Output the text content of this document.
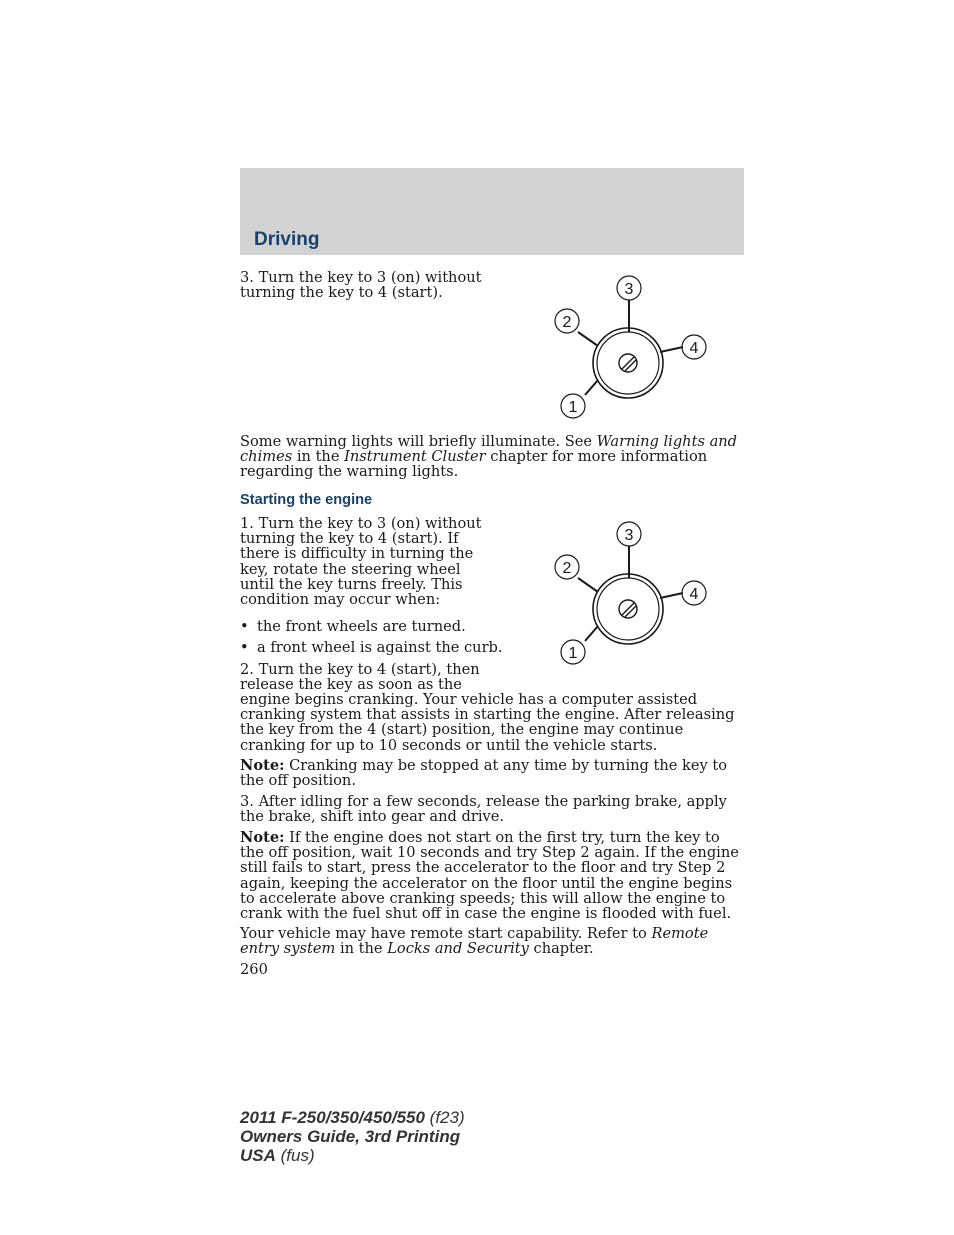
Driving

3. Turn the key to 3 (on) without turning the key to 4 (start).	3
2
4
1

Some warning lights will briefly illuminate. See Warning lights and chimes in the Instrument Cluster chapter for more information regarding the warning lights.

Starting the engine

1. Turn the key to 3 (on) without turning the key to 4 (start). If there is difficulty in turning the key, rotate the steering wheel until the key turns freely. This condition may occur when:

• the front wheels are turned.
• a front wheel is against the curb.
3
2
4
1

2. Turn the key to 4 (start), then release the key as soon as the

engine begins cranking. Your vehicle has a computer assisted cranking system that assists in starting the engine. After releasing the key from the 4 (start) position, the engine may continue cranking for up to 10 seconds or until the vehicle starts.

Note: Cranking may be stopped at any time by turning the key to the off position.

3. After idling for a few seconds, release the parking brake, apply the brake, shift into gear and drive.

Note: If the engine does not start on the first try, turn the key to the off position, wait 10 seconds and try Step 2 again. If the engine still fails to start, press the accelerator to the floor and try Step 2 again, keeping the accelerator on the floor until the engine begins to accelerate above cranking speeds; this will allow the engine to crank with the fuel shut off in case the engine is flooded with fuel.

Your vehicle may have remote start capability. Refer to Remote entry system in the Locks and Security chapter.

260

2011 F-250/350/450/550 (f23)
Owners Guide, 3rd Printing
USA (fus)
